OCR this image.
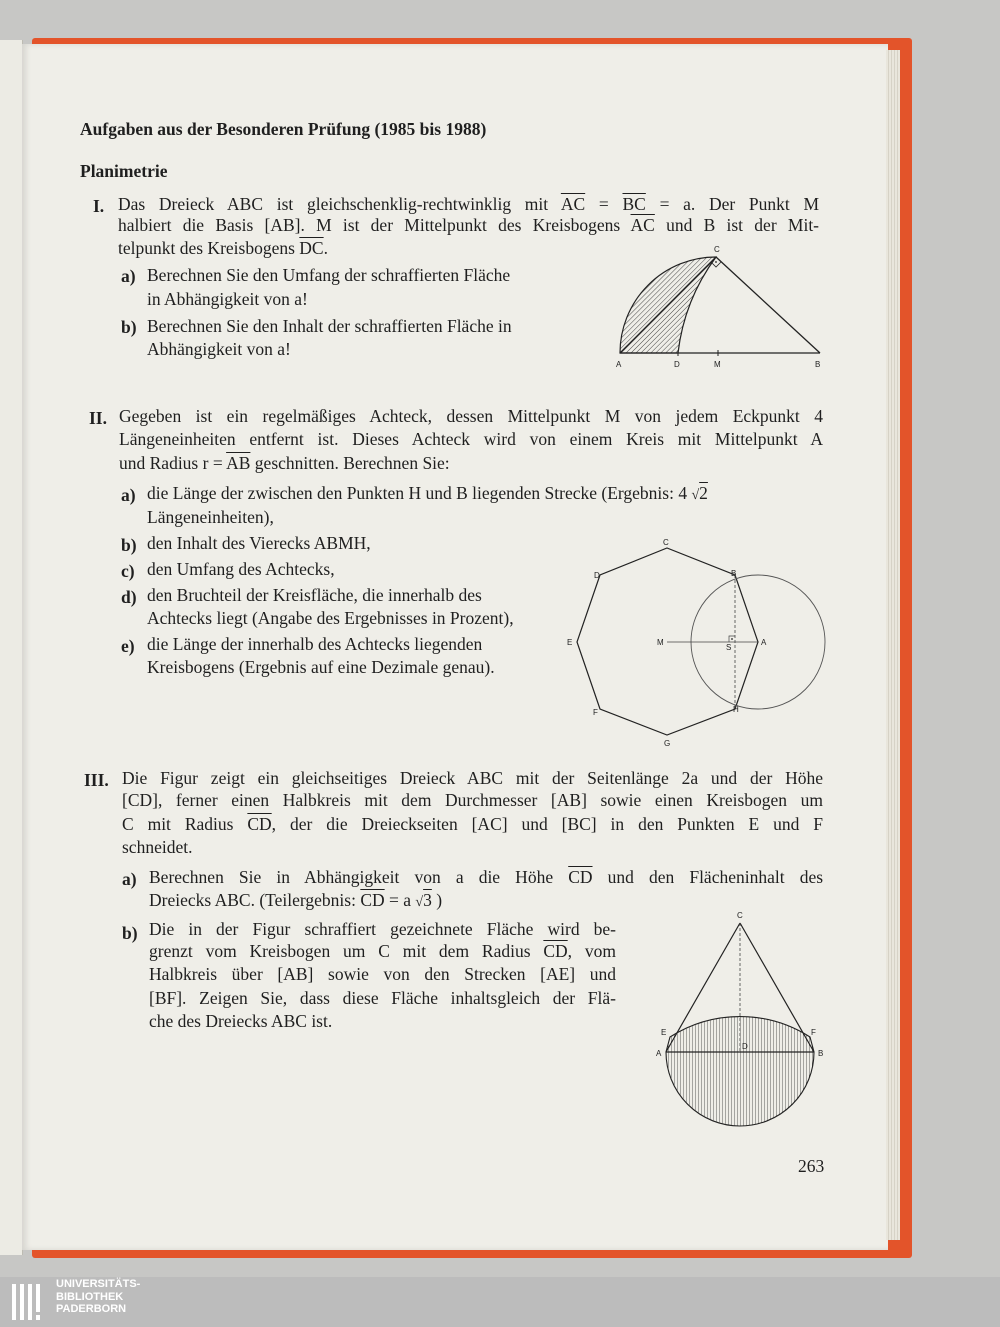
Aufgaben aus der Besonderen Prüfung (1985 bis 1988)

Planimetrie

I. Das Dreieck ABC ist gleichschenklig-rechtwinklig mit $\overline{AC} = \overline{BC} = a$. Der Punkt M

halbiert die Basis [AB]. M ist der Mittelpunkt des Kreisbogens $\overline{AC}$ und B ist der Mit-

telpunkt des Kreisbogens $\overline{DC}$.

a) Berechnen Sie den Umfang der schraffierten Fläche

in Abhängigkeit von a!

b) Berechnen Sie den Inhalt der schraffierten Fläche in

Abhängigkeit von a!

A	D	M	B
C
II. Gegeben ist ein regelmäßiges Achteck, dessen Mittelpunkt M von jedem Eckpunkt 4

Längeneinheiten entfernt ist. Dieses Achteck wird von einem Kreis mit Mittelpunkt A

und Radius $r = \overline{AB}$ geschnitten. Berechnen Sie:

a) die Länge der zwischen den Punkten H und B liegenden Strecke (Ergebnis: 4 √2

Längeneinheiten),

b) den Inhalt des Vierecks ABMH,

c) den Umfang des Achtecks,

d) den Bruchteil der Kreisfläche, die innerhalb des

Achtecks liegt (Angabe des Ergebnisses in Prozent),

e) die Länge der innerhalb des Achtecks liegenden

Kreisbogens (Ergebnis auf eine Dezimale genau).

A
B
C
D
E
F
G
H
M
S
III. Die Figur zeigt ein gleichseitiges Dreieck ABC mit der Seitenlänge 2a und der Höhe

[CD], ferner einen Halbkreis mit dem Durchmesser [AB] sowie einen Kreisbogen um

C mit Radius $\overline{CD}$, der die Dreieckseiten [AC] und [BC] in den Punkten E und F

schneidet.

a) Berechnen Sie in Abhängigkeit von a die Höhe $\overline{CD}$ und den Flächeninhalt des

Dreiecks ABC. (Teilergebnis: $\overline{CD} = a$ √3 )

b) Die in der Figur schraffiert gezeichnete Fläche wird be-

grenzt vom Kreisbogen um C mit dem Radius $\overline{CD}$, vom

Halbkreis über [AB] sowie von den Strecken [AE] und

[BF]. Zeigen Sie, dass diese Fläche inhaltsgleich der Flä-

che des Dreiecks ABC ist.

C
A	B
D
E	F

263

UNIVERSITÄTS-
BIBLIOTHEK
PADERBORN
